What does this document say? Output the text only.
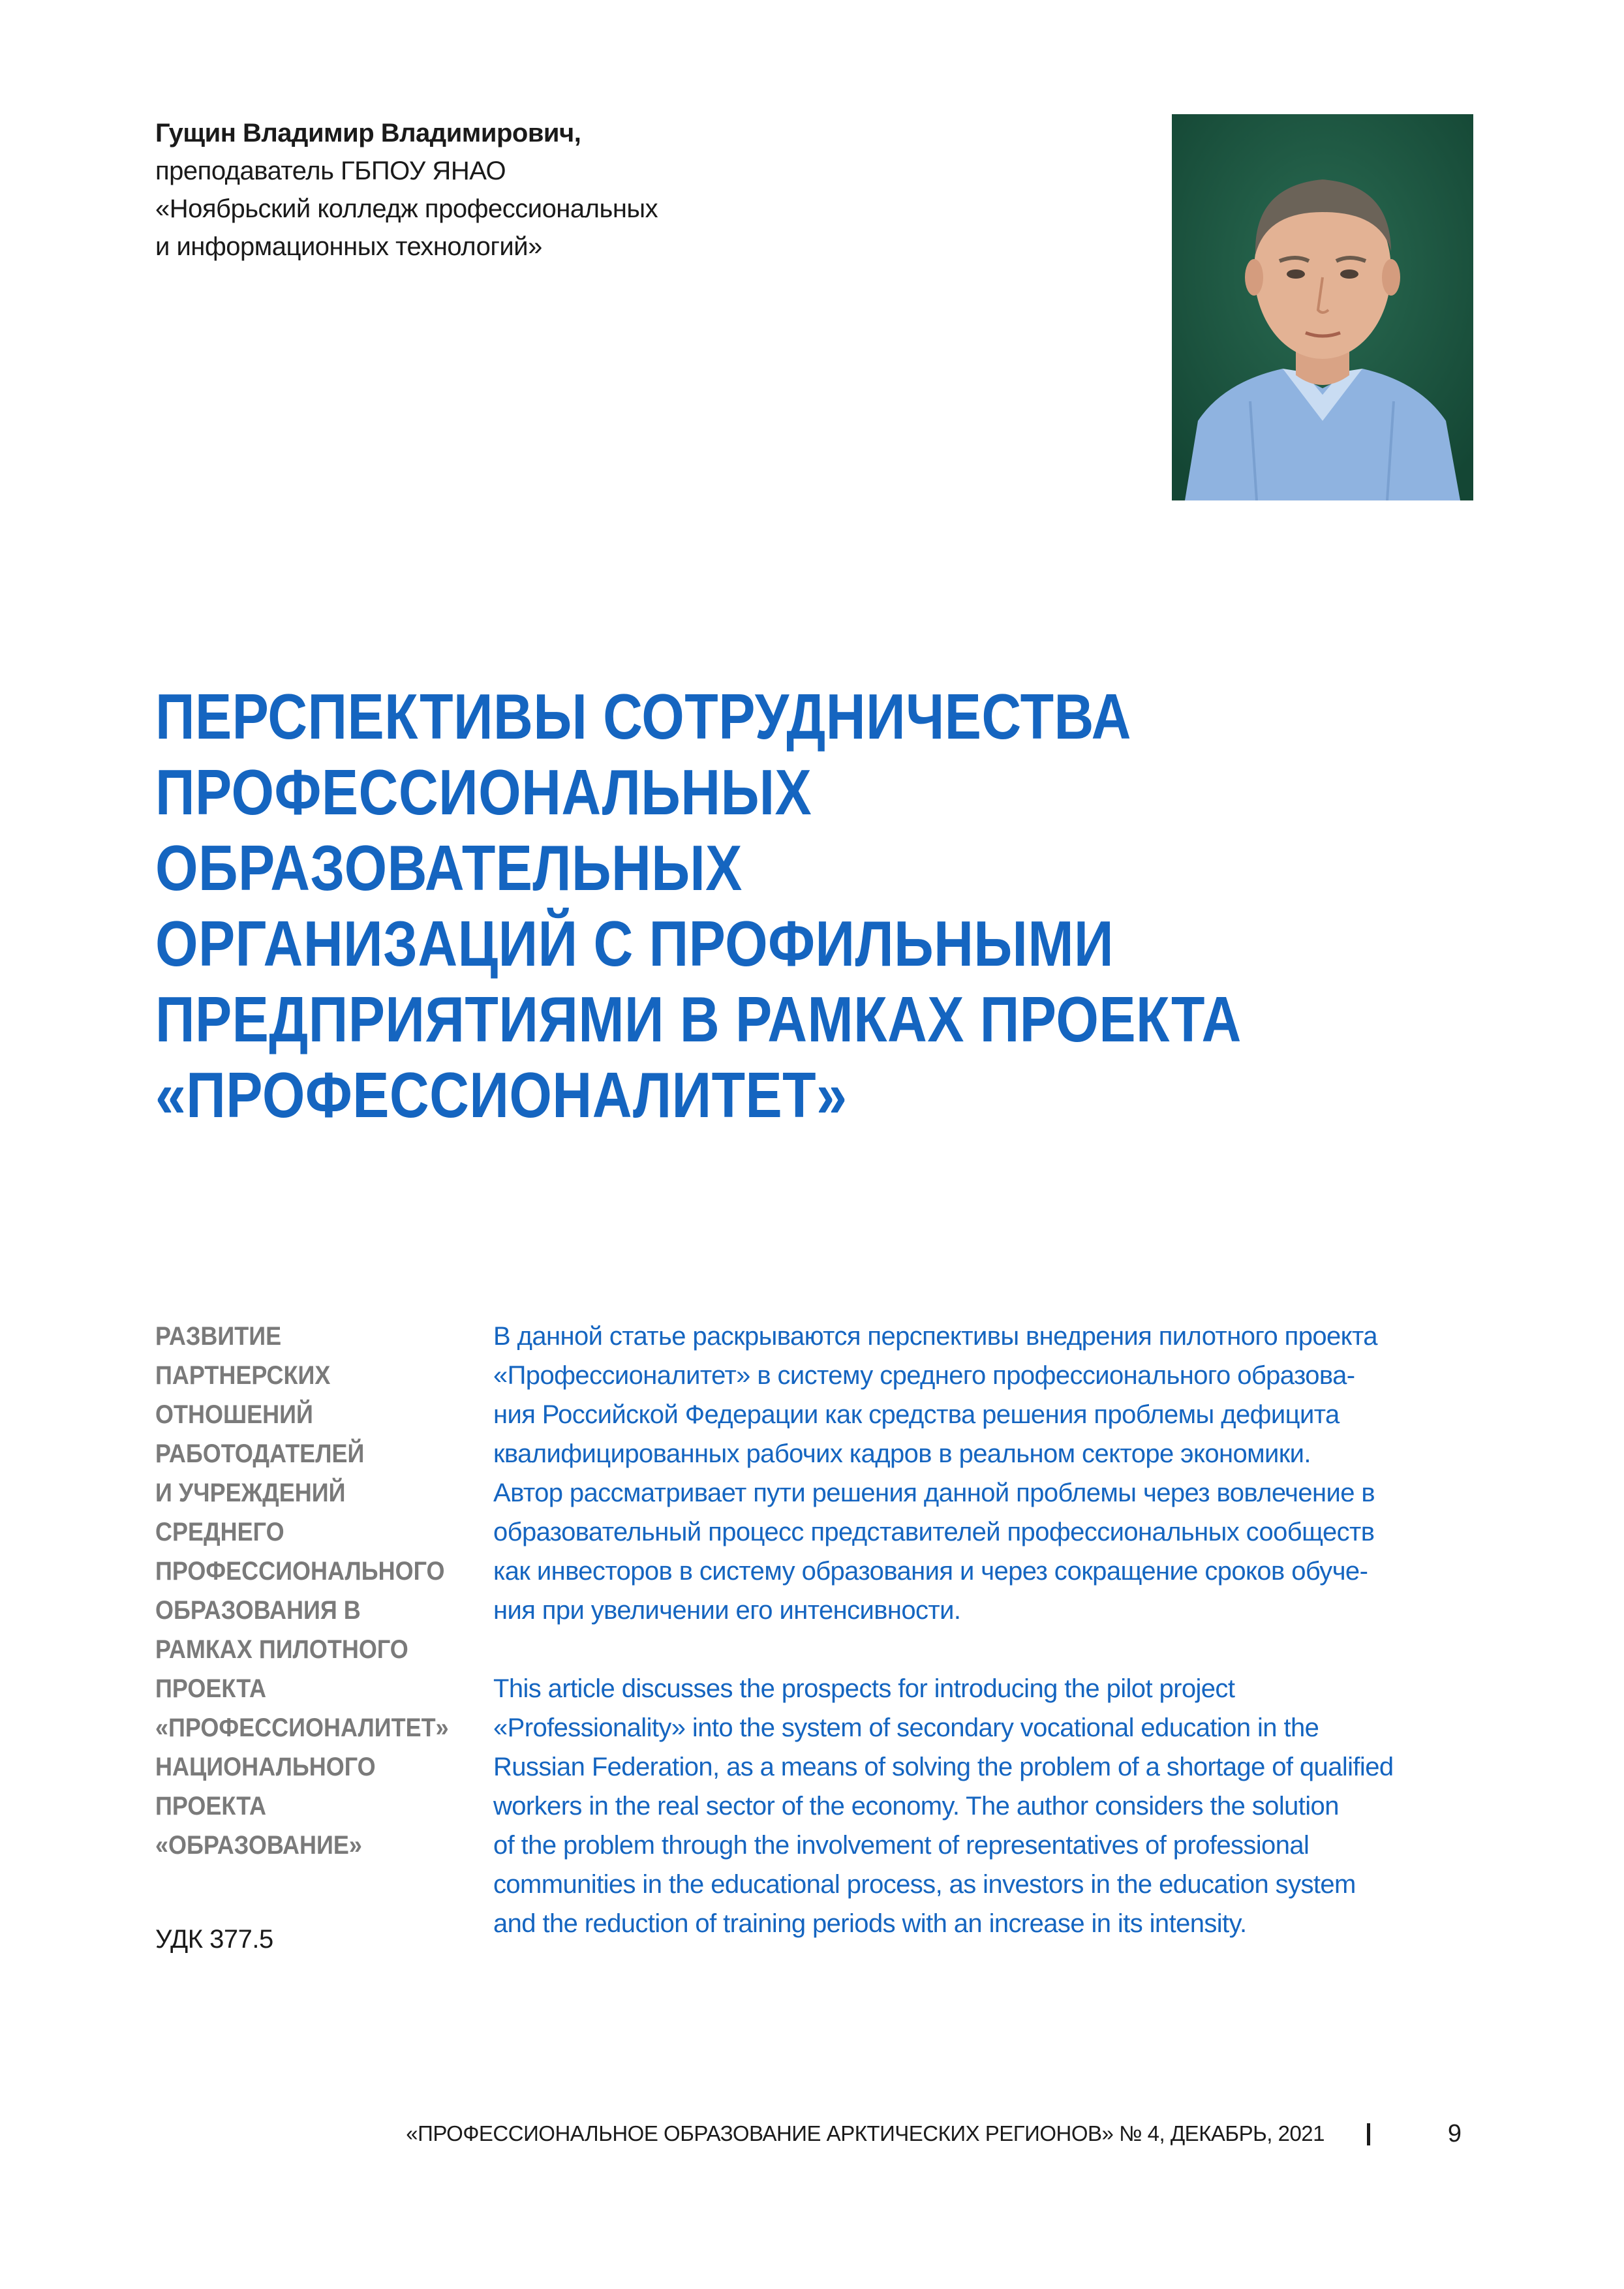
Гущин Владимир Владимирович,
преподаватель ГБПОУ ЯНАО
«Ноябрьский колледж профессиональных
и информационных технологий»
ПЕРСПЕКТИВЫ СОТРУДНИЧЕСТВА
ПРОФЕССИОНАЛЬНЫХ
ОБРАЗОВАТЕЛЬНЫХ
ОРГАНИЗАЦИЙ С ПРОФИЛЬНЫМИ
ПРЕДПРИЯТИЯМИ В РАМКАХ ПРОЕКТА
«ПРОФЕССИОНАЛИТЕТ»
РАЗВИТИЕ
ПАРТНЕРСКИХ
ОТНОШЕНИЙ
РАБОТОДАТЕЛЕЙ
И УЧРЕЖДЕНИЙ
СРЕДНЕГО
ПРОФЕССИОНАЛЬНОГО
ОБРАЗОВАНИЯ В
РАМКАХ ПИЛОТНОГО
ПРОЕКТА
«ПРОФЕССИОНАЛИТЕТ»
НАЦИОНАЛЬНОГО
ПРОЕКТА
«ОБРАЗОВАНИЕ»
УДК 377.5
В данной статье раскрываются перспективы внедрения пилотного проекта
«Профессионалитет» в систему среднего профессионального образова-
ния Российской Федерации как средства решения проблемы дефицита
квалифицированных рабочих кадров в реальном секторе экономики.
Автор рассматривает пути решения данной проблемы через вовлечение в
образовательный процесс представителей профессиональных сообществ
как инвесторов в систему образования и через сокращение сроков обуче-
ния при увеличении его интенсивности.
This article discusses the prospects for introducing the pilot project
«Professionality» into the system of secondary vocational education in the
Russian Federation, as a means of solving the problem of a shortage of qualified
workers in the real sector of the economy. The author considers the solution
of the problem through the involvement of representatives of professional
communities in the educational process, as investors in the education system
and the reduction of training periods with an increase in its intensity.
«ПРОФЕССИОНАЛЬНОЕ ОБРАЗОВАНИЕ АРКТИЧЕСКИХ РЕГИОНОВ» № 4, ДЕКАБРЬ, 2021	9
